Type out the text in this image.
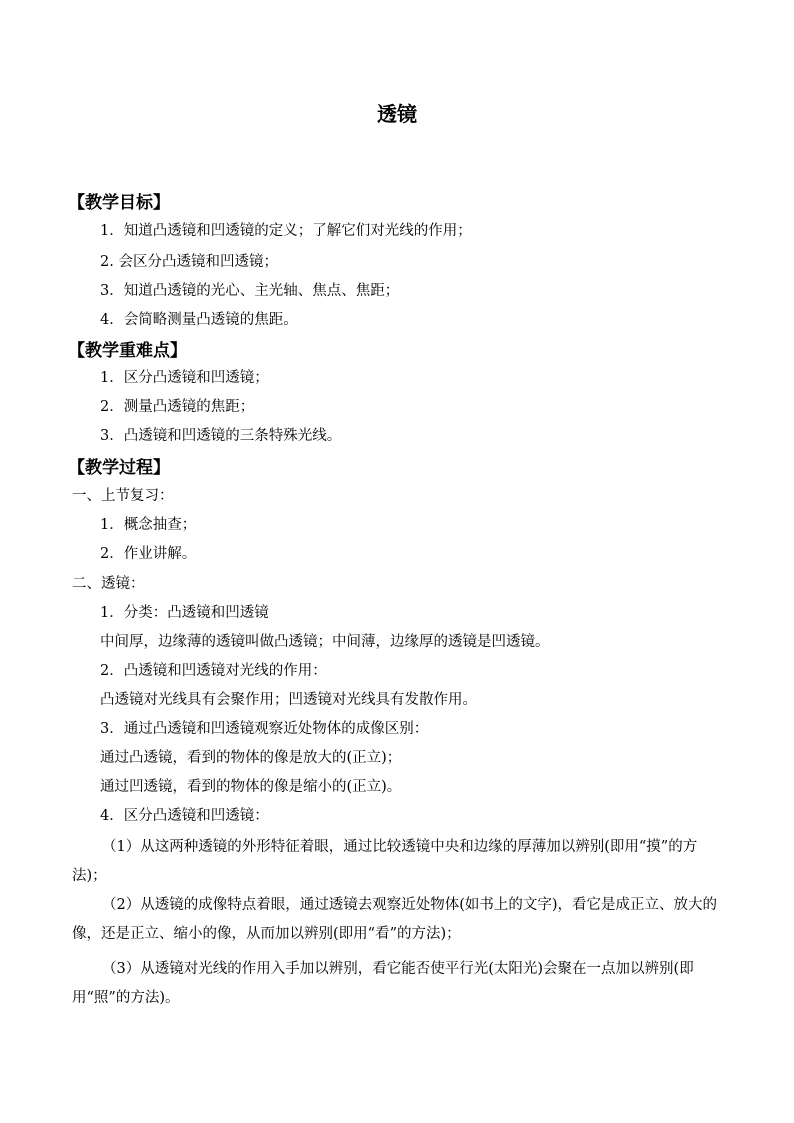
透镜
【教学目标】
1．知道凸透镜和凹透镜的定义；了解它们对光线的作用；
2. 会区分凸透镜和凹透镜；
3．知道凸透镜的光心、主光轴、焦点、焦距；
4．会简略测量凸透镜的焦距。
【教学重难点】
1．区分凸透镜和凹透镜；
2．测量凸透镜的焦距；
3．凸透镜和凹透镜的三条特殊光线。
【教学过程】
一、上节复习：
1．概念抽查；
2．作业讲解。
二、透镜：
1．分类：凸透镜和凹透镜
中间厚，边缘薄的透镜叫做凸透镜；中间薄，边缘厚的透镜是凹透镜。
2．凸透镜和凹透镜对光线的作用：
凸透镜对光线具有会聚作用；凹透镜对光线具有发散作用。
3．通过凸透镜和凹透镜观察近处物体的成像区别：
通过凸透镜，看到的物体的像是放大的(正立)；
通过凹透镜，看到的物体的像是缩小的(正立)。
4．区分凸透镜和凹透镜：
（1）从这两种透镜的外形特征着眼，通过比较透镜中央和边缘的厚薄加以辨别(即用“摸”的方法)；
（2）从透镜的成像特点着眼，通过透镜去观察近处物体(如书上的文字)，看它是成正立、放大的像，还是正立、缩小的像，从而加以辨别(即用“看”的方法)；
（3）从透镜对光线的作用入手加以辨别，看它能否使平行光(太阳光)会聚在一点加以辨别(即用“照”的方法)。
